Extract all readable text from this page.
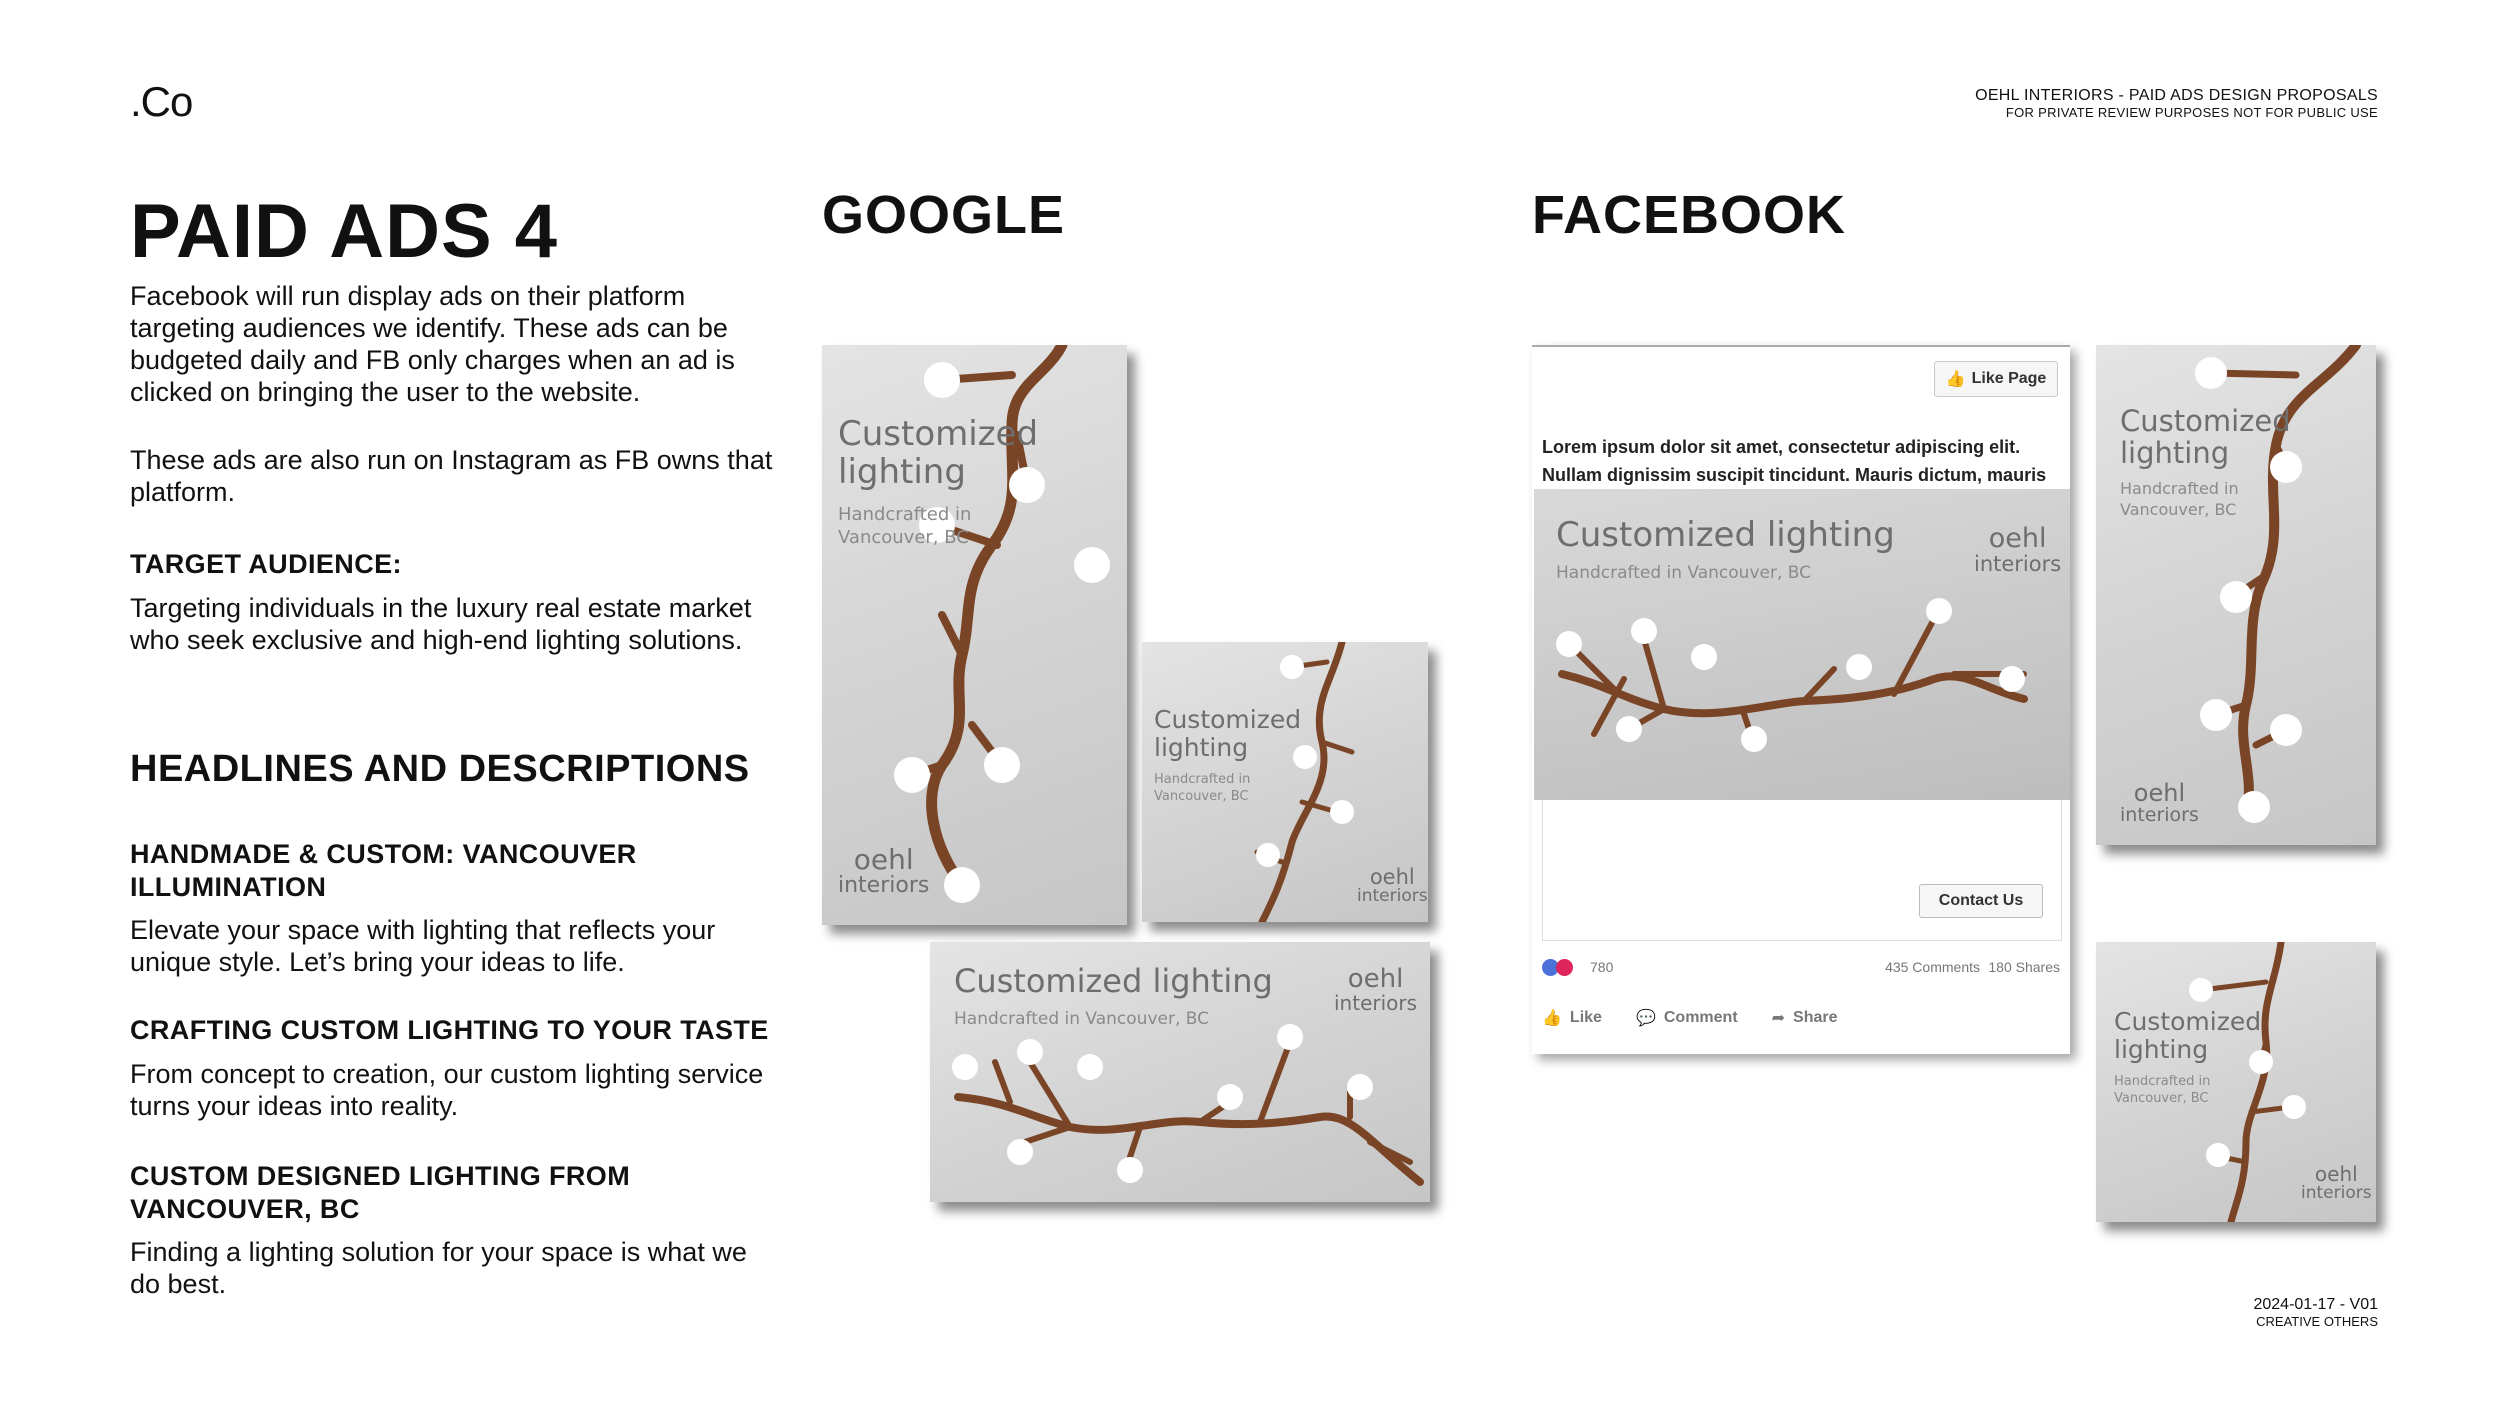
.Co	OEHL INTERIORS - PAID ADS DESIGN PROPOSALS
FOR PRIVATE REVIEW PURPOSES NOT FOR PUBLIC USE
PAID ADS 4
Facebook will run display ads on their platform targeting audiences we identify. These ads can be budgeted daily and FB only charges when an ad is clicked on bringing the user to the website.
These ads are also run on Instagram as FB owns that platform.
TARGET AUDIENCE:
Targeting individuals in the luxury real estate market who seek exclusive and high-end lighting solutions.
HEADLINES AND DESCRIPTIONS
HANDMADE & CUSTOM: VANCOUVER ILLUMINATION
Elevate your space with lighting that reflects your unique style. Let’s bring your ideas to life.
CRAFTING CUSTOM LIGHTING TO YOUR TASTE
From concept to creation, our custom lighting service turns your ideas into reality.
CUSTOM DESIGNED LIGHTING FROM VANCOUVER, BC
Finding a lighting solution for your space is what we do best.
GOOGLE	FACEBOOK
Customized
lighting
Handcrafted in
Vancouver, BC
oehl
interiors
Customized
lighting
Handcrafted in
Vancouver, BC
oehl
interiors
Customized lighting
Handcrafted in Vancouver, BC
oehl
interiors
👍 Like Page
Lorem ipsum dolor sit amet, consectetur adipiscing elit.
Nullam dignissim suscipit tincidunt. Mauris dictum, mauris
Customized lighting
Handcrafted in Vancouver, BC
oehl
interiors
Contact Us
780	435 Comments 180 Shares
👍 Like 💬 Comment ➦ Share
Customized
lighting
Handcrafted in
Vancouver, BC
oehl
interiors
Customized
lighting
Handcrafted in
Vancouver, BC
oehl
interiors
2024-01-17 - V01
CREATIVE OTHERS
